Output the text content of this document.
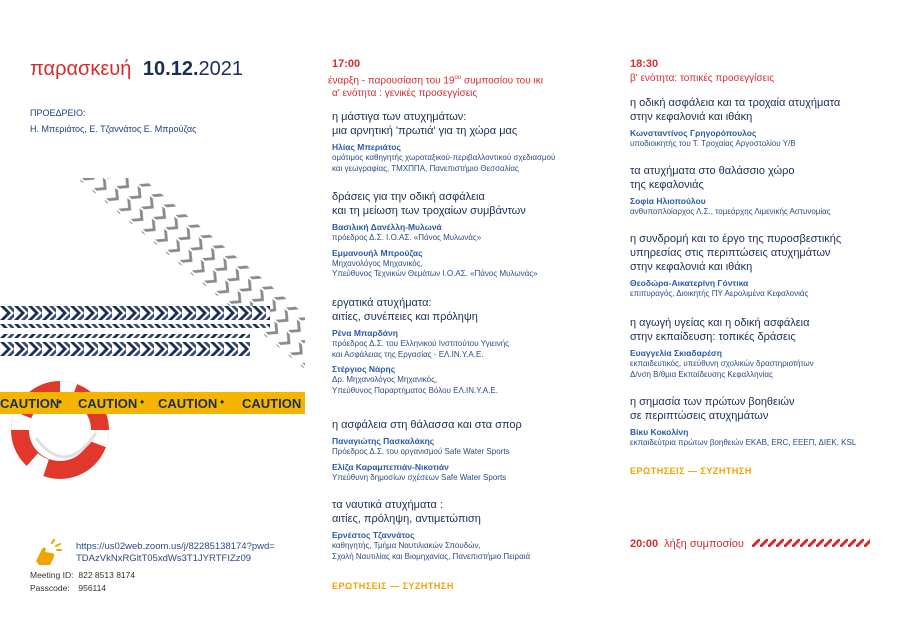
παρασκευή 10.12.2021
ΠΡΟΕΔΡΕΙΟ:
Η. Μπεριάτος, Ε. Τζαννάτος Ε. Μπρούζας
CAUTION
• CAUTION • CAUTION • CAUTION
https://us02web.zoom.us/j/82285138174?pwd=TDAzVkNxRGltT05xdWs3T1JYRTFIZz09
Meeting ID: 822 8513 8174
Passcode: 956114
17:00
έναρξη - παρουσίαση του $19^{o\upsilon}$ συμποσίου του ικι
α' ενότητα : γενικές προσεγγίσεις
η μάστιγα των ατυχημάτων:
μια αρνητική 'πρωτιά' για τη χώρα μας
Ηλίας Μπεριάτος
ομότιμος καθηγητής χωροταξικού-περιβαλλοντικού σχεδιασμού
και γεωγραφίας, ΤΜΧΠΠΑ, Πανεπιστήμιο Θεσσαλίας
δράσεις για την οδική ασφάλεια
και τη μείωση των τροχαίων συμβάντων
Βασιλική Δανέλλη-Μυλωνά
πρόεδρος Δ.Σ. Ι.Ο.ΑΣ. «Πάνος Μυλωνάς»
Εμμανουήλ Μπρούζας
Μηχανολόγος Μηχανικός,
Υπεύθυνος Τεχνικών Θεμάτων Ι.Ο.ΑΣ. «Πάνος Μυλωνάς»
εργατικά ατυχήματα:
αιτίες, συνέπειες και πρόληψη
Ρένα Μπαρδάνη
πρόεδρος Δ.Σ. του Ελληνικού Ινστιτούτου Υγιεινής
και Ασφάλειας της Εργασίας - ΕΛ.ΙΝ.Υ.Α.Ε.
Στέργιος Νάρης
Δρ. Μηχανολόγος Μηχανικός,
Υπεύθυνος Παραρτήματος Βόλου ΕΛ.ΙΝ.Υ.Α.Ε.
η ασφάλεια στη θάλασσα και στα σπορ
Παναγιώτης Πασκαλάκης
Πρόεδρος Δ.Σ. του οργανισμού Safe Water Sports
Ελίζα Καραμπεπιάν-Νικοτιάν
Υπεύθυνη δημοσίων σχέσεων Safe Water Sports
τα ναυτικά ατυχήματα :
αιτίες, πρόληψη, αντιμετώπιση
Ερνέστος Τζαννάτος
καθηγητής, Τμήμα Ναυτιλιακών Σπουδών,
Σχολή Ναυτιλίας και Βιομηχανίας, Πανεπιστήμιο Πειραιά
ΕΡΩΤΗΣΕΙΣ — ΣΥΖΗΤΗΣΗ
18:30
β' ενότητα: τοπικές προσεγγίσεις
η οδική ασφάλεια και τα τροχαία ατυχήματα
στην κεφαλονιά και ιθάκη
Κωνσταντίνος Γρηγορόπουλος
υποδιοικητής του Τ. Τροχαίας Αργοστολίου Υ/Β
τα ατυχήματα στο θαλάσσιο χώρο
της κεφαλονιάς
Σοφία Ηλιοπούλου
ανθυποπλοίαρχος Λ.Σ., τομεάρχης Λιμενικής Αστυνομίας
η συνδρομή και το έργο της πυροσβεστικής
υπηρεσίας στις περιπτώσεις ατυχημάτων
στην κεφαλονιά και ιθάκη
Θεοδώρα-Αικατερίνη Γόντικα
επιπυραγός, Διοικητής ΠΥ Αερολιμένα Κεφαλονιάς
η αγωγή υγείας και η οδική ασφάλεια
στην εκπαίδευση: τοπικές δράσεις
Ευαγγελία Σκιαδαρέση
εκπαιδευτικός, υπεύθυνη σχολικών δραστηριοτήτων
Δ/νση Β/θμια Εκπαίδευσης Κεφαλληνίας
η σημασία των πρώτων βοηθειών
σε περιπτώσεις ατυχημάτων
Βίκυ Κοκολίνη
εκπαιδεύτρια πρώτων βοηθειών ΕΚΑΒ, ERC, ΕΕΕΠ, ΔΙΕΚ, KSL
ΕΡΩΤΗΣΕΙΣ — ΣΥΖΗΤΗΣΗ
20:00 λήξη συμποσίου
